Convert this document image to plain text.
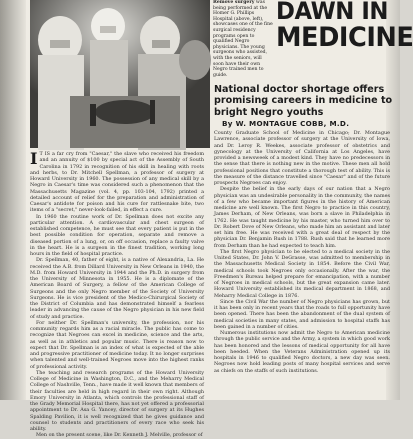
Remove surgery was being performed at the Homer G. Phillips Hospital (above, left), showcases one of the fine surgical residency programs open to qualified Negro physicians. The young surgeons who assisted, with the seniors, will soon have their own Negro trained men to guide.
DAWN IN
MEDICINE
National doctor shortage offers promising careers in medicine to bright Negro youths
By W. MONTAGUE COBB, M.D.

I T IS a far cry from "Caesar," the slave who received his freedom and an annuity of $100 by special act of the Assembly of South Carolina in 1792 in recognition of his skill in healing with roots and herbs, to Dr. Mitchell Spellman, a professor of surgery at Howard University in 1960. The possession of any medical skill by a Negro in Caesar's time was considered such a phenomenon that the Massachusetts Magazine (vol. 4, pp. 103-104, 1792) printed a detailed account of relief for the preparation and administration of Caesar's antidote for poison and his cure for rattlesnake bite, two items of a "secret," never-look-failed, in effect a cure.

In 1960 the routine work of Dr. Spellman does not excite any particular attention. A cardiovascular and chest surgeon of established competence, he must see that every patient is put in the best possible condition for operation, separate and remove a diseased portion of a lung, or, on off occasion, replace a faulty valve in the heart. He is a surgeon in the finest tradition, working long hours in the field of hospital practice.

Dr. Spellman, 40, father of eight, is a native of Alexandria, La. He received the A.B. from Dillard University in New Orleans in 1940, the M.D. from Howard University in 1944 and the Ph.D. in surgery from the University of Minnesota in 1955. He is a diplomate of the American Board of Surgery, a fellow of the American College of Surgeons and the only Negro member of the Society of University Surgeons. He is vice president of the Medico-Chirurgical Society of the District of Columbia and has demonstrated himself a fearless leader in advancing the cause of the Negro physician in his new field of study and practice.

For neither Dr. Spellman's university, the profession, nor his community regards him as a racial miracle. The public has come to recognize that Negroes can excel in medicine, science and the arts, as well as in athletics and popular music. There is reason now to expect that Dr. Spellman is an index of what is expected of the able and progressive practitioner of medicine today. It no longer surprises when talented and well-trained Negroes move into the highest ranks of professional activity.

The teaching and research programs of the Howard University College of Medicine in Washington, D.C., and the Meharry Medical College of Nashville, Tenn., have made it well known that members of their faculties are held in high regard in their own right. Although Emory University in Atlanta, which controls the professional staff of the Grady Memorial Hospital there, has not yet offered a professorial appointment to Dr. Asa G. Yancey, director of surgery at its Hughes Spalding Pavilion, it is well recognized that he gives guidance and counsel to students and practitioners of every race who seek his ability.

Men on the present scene, like Dr. Kenneth J. Melville, professor of

County Graduate School of Medicine in Chicago; Dr. Montague Lawrence, associate professor of surgery at the University of Iowa, and Dr. Leroy R. Weekes, associate professor of obstetrics and gynecology at the University of California at Los Angeles, have provided a newsweek of a modest kind. They have no predecessors in the sense that there is nothing new in the motive. These men all hold professional positions that constitute a thorough test of ability. This is the measure of the distance travelled since "Caesar" and of the future prospects Negroes can enjoy.

Despite the belief in the early days of our nation that a Negro physician was an undesirable personality in the community, the names of a few who became important figures in the history of American medicine are well known. The first Negro to practice in this country, James Derham, of New Orleans, was born a slave in Philadelphia in 1762. He was taught medicine by his master, who turned him over to Dr. Robert Dove of New Orleans, who made him an assistant and later set him free. He was received with a great deal of respect by the physician Dr. Benjamin Rush in 1788. Rush said that he learned more from Derham than he had expected to teach him.

The first Negro physician to be elected to a medical society in the United States, Dr. John V. DeGrasse, was admitted to membership in the Massachusetts Medical Society in 1854. Before the Civil War, medical schools took Negroes only occasionally. After the war, the Freedmen's Bureau helped prepare for emancipation, with a number of Negroes in medical schools, but the great expansion came later. Howard University established its medical department in 1868, and Meharry Medical College in 1876.

Since the Civil War the number of Negro physicians has grown, but it has been only in recent years that the roads to full opportunity have been opened. There has been the abandonment of the dual system of medical societies in many states, and admission to hospital staffs has been gained in a number of cities.

Numerous institutions now admit the Negro to American medicine through the public service and the Army, a system in which good work has been honored and the lessons of medical opportunity for all have been heeded. When the Veterans Administration opened up its hospitals in 1946 to qualified Negro doctors, a new day was seen. Negroes now hold leading posts of many hospital services and serve as chiefs on the staffs of such institutions.
